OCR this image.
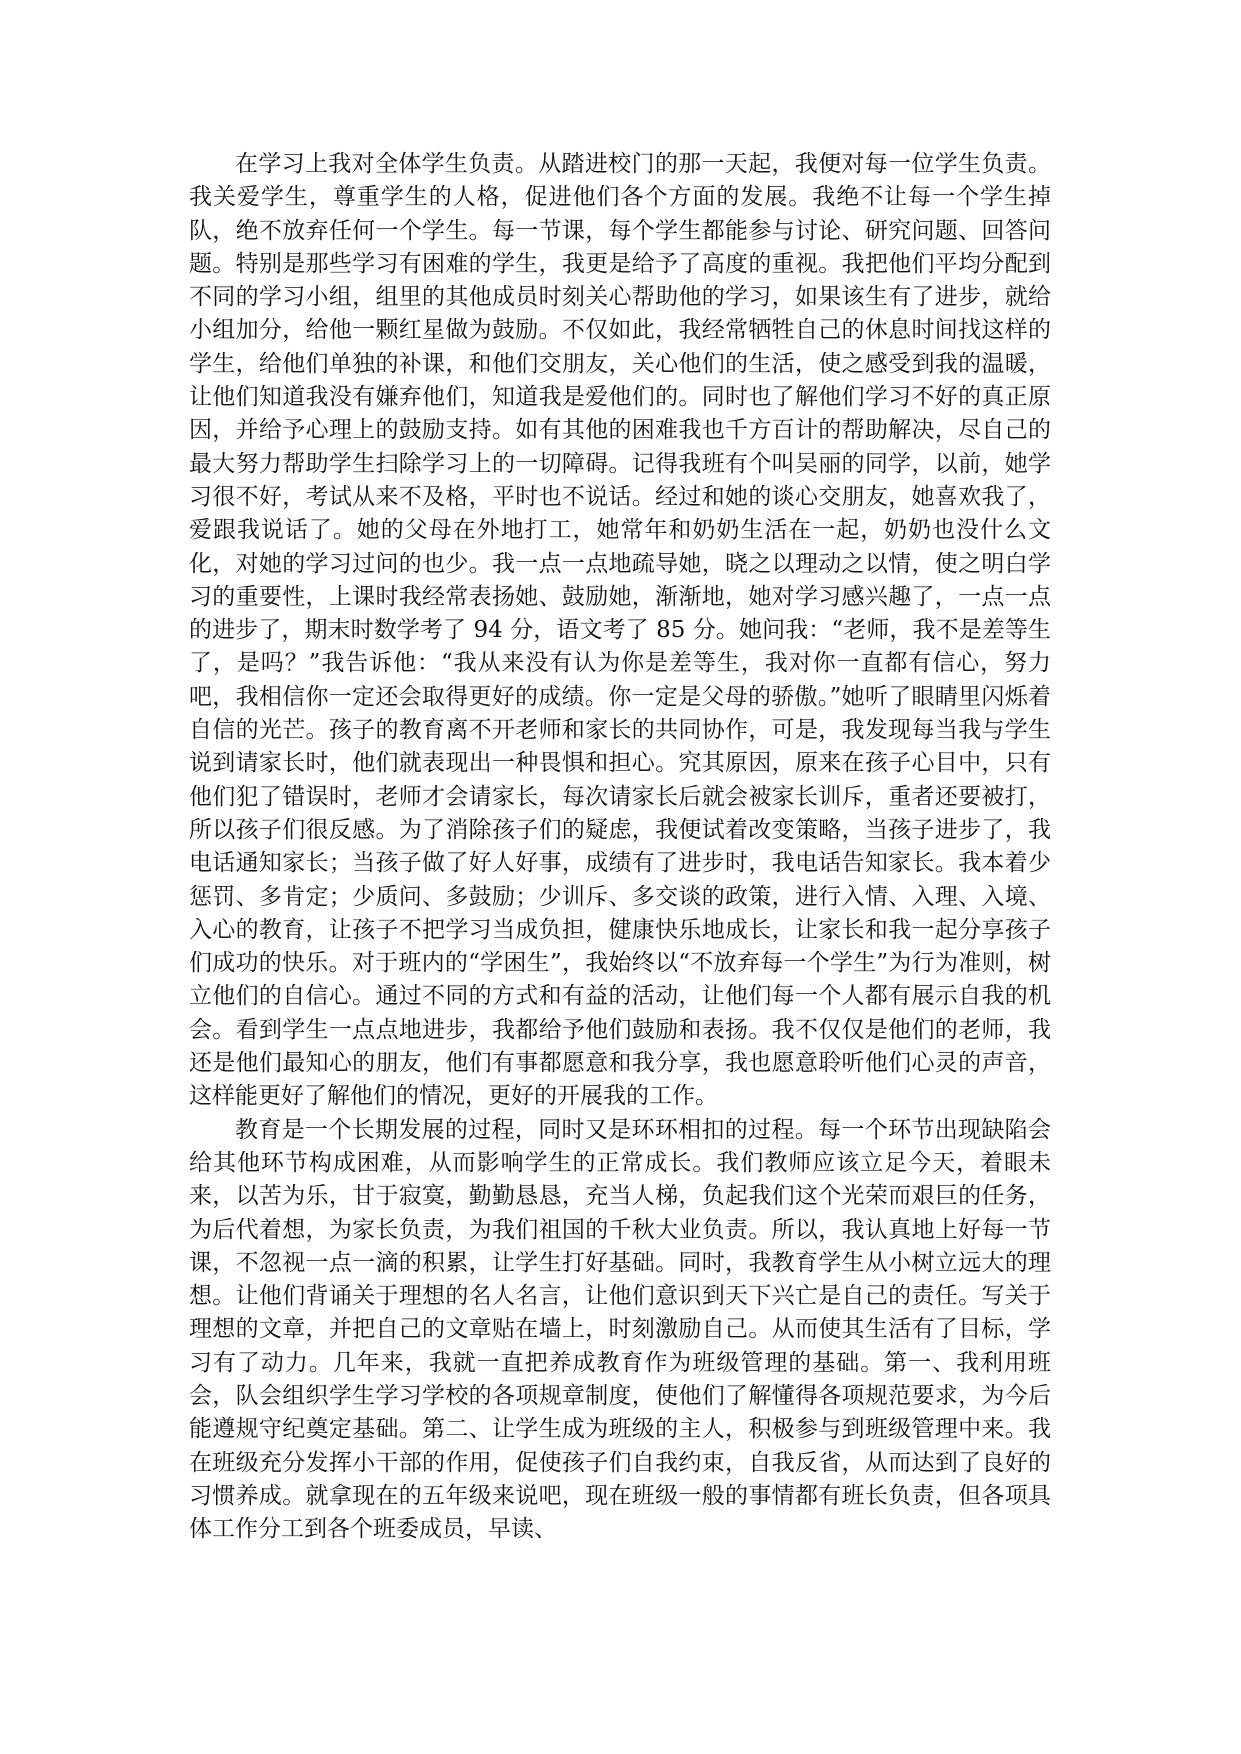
在学习上我对全体学生负责。从踏进校门的那一天起，我便对每一位学生负责。我关爱学生，尊重学生的人格，促进他们各个方面的发展。我绝不让每一个学生掉队，绝不放弃任何一个学生。每一节课，每个学生都能参与讨论、研究问题、回答问题。特别是那些学习有困难的学生，我更是给予了高度的重视。我把他们平均分配到不同的学习小组，组里的其他成员时刻关心帮助他的学习，如果该生有了进步，就给小组加分，给他一颗红星做为鼓励。不仅如此，我经常牺牲自己的休息时间找这样的学生，给他们单独的补课，和他们交朋友，关心他们的生活，使之感受到我的温暖，让他们知道我没有嫌弃他们，知道我是爱他们的。同时也了解他们学习不好的真正原因，并给予心理上的鼓励支持。如有其他的困难我也千方百计的帮助解决，尽自己的最大努力帮助学生扫除学习上的一切障碍。记得我班有个叫吴丽的同学，以前，她学习很不好，考试从来不及格，平时也不说话。经过和她的谈心交朋友，她喜欢我了，爱跟我说话了。她的父母在外地打工，她常年和奶奶生活在一起，奶奶也没什么文化，对她的学习过问的也少。我一点一点地疏导她，晓之以理动之以情，使之明白学习的重要性，上课时我经常表扬她、鼓励她，渐渐地，她对学习感兴趣了，一点一点的进步了，期末时数学考了 94 分，语文考了 85 分。她问我：“老师，我不是差等生了，是吗？”我告诉他：“我从来没有认为你是差等生，我对你一直都有信心，努力吧，我相信你一定还会取得更好的成绩。你一定是父母的骄傲。”她听了眼睛里闪烁着自信的光芒。孩子的教育离不开老师和家长的共同协作，可是，我发现每当我与学生说到请家长时，他们就表现出一种畏惧和担心。究其原因，原来在孩子心目中，只有他们犯了错误时，老师才会请家长，每次请家长后就会被家长训斥，重者还要被打，所以孩子们很反感。为了消除孩子们的疑虑，我便试着改变策略，当孩子进步了，我电话通知家长；当孩子做了好人好事，成绩有了进步时，我电话告知家长。我本着少惩罚、多肯定；少质问、多鼓励；少训斥、多交谈的政策，进行入情、入理、入境、入心的教育，让孩子不把学习当成负担，健康快乐地成长，让家长和我一起分享孩子们成功的快乐。对于班内的“学困生”，我始终以“不放弃每一个学生”为行为准则，树立他们的自信心。通过不同的方式和有益的活动，让他们每一个人都有展示自我的机会。看到学生一点点地进步，我都给予他们鼓励和表扬。我不仅仅是他们的老师，我还是他们最知心的朋友，他们有事都愿意和我分享，我也愿意聆听他们心灵的声音，这样能更好了解他们的情况，更好的开展我的工作。

教育是一个长期发展的过程，同时又是环环相扣的过程。每一个环节出现缺陷会给其他环节构成困难，从而影响学生的正常成长。我们教师应该立足今天，着眼未来，以苦为乐，甘于寂寞，勤勤恳恳，充当人梯，负起我们这个光荣而艰巨的任务，为后代着想，为家长负责，为我们祖国的千秋大业负责。所以，我认真地上好每一节课，不忽视一点一滴的积累，让学生打好基础。同时，我教育学生从小树立远大的理想。让他们背诵关于理想的名人名言，让他们意识到天下兴亡是自己的责任。写关于理想的文章，并把自己的文章贴在墙上，时刻激励自己。从而使其生活有了目标，学习有了动力。几年来，我就一直把养成教育作为班级管理的基础。第一、我利用班会，队会组织学生学习学校的各项规章制度，使他们了解懂得各项规范要求，为今后能遵规守纪奠定基础。第二、让学生成为班级的主人，积极参与到班级管理中来。我在班级充分发挥小干部的作用，促使孩子们自我约束，自我反省，从而达到了良好的习惯养成。就拿现在的五年级来说吧，现在班级一般的事情都有班长负责，但各项具体工作分工到各个班委成员，早读、
